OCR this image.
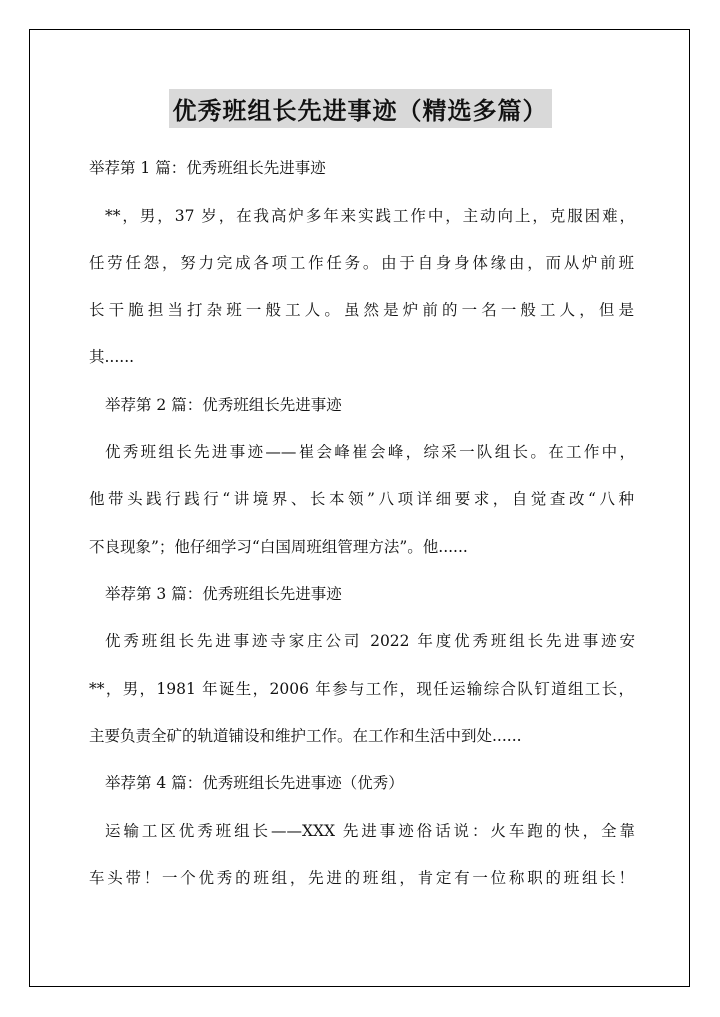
优秀班组长先进事迹（精选多篇）
举荐第 1 篇：优秀班组长先进事迹
**，男，37 岁，在我高炉多年来实践工作中，主动向上，克服困难，
任劳任怨，努力完成各项工作任务。由于自身身体缘由，而从炉前班
长干脆担当打杂班一般工人。虽然是炉前的一名一般工人，但是
其......
举荐第 2 篇：优秀班组长先进事迹
优秀班组长先进事迹——崔会峰崔会峰，综采一队组长。在工作中，
他带头践行践行“讲境界、长本领”八项详细要求，自觉查改“八种
不良现象”；他仔细学习“白国周班组管理方法”。他......
举荐第 3 篇：优秀班组长先进事迹
优秀班组长先进事迹寺家庄公司 2022 年度优秀班组长先进事迹安
**，男，1981 年诞生，2006 年参与工作，现任运输综合队钉道组工长，
主要负责全矿的轨道铺设和维护工作。在工作和生活中到处......
举荐第 4 篇：优秀班组长先进事迹（优秀）
运输工区优秀班组长——XXX 先进事迹俗话说：火车跑的快，全靠
车头带！一个优秀的班组，先进的班组，肯定有一位称职的班组长！
